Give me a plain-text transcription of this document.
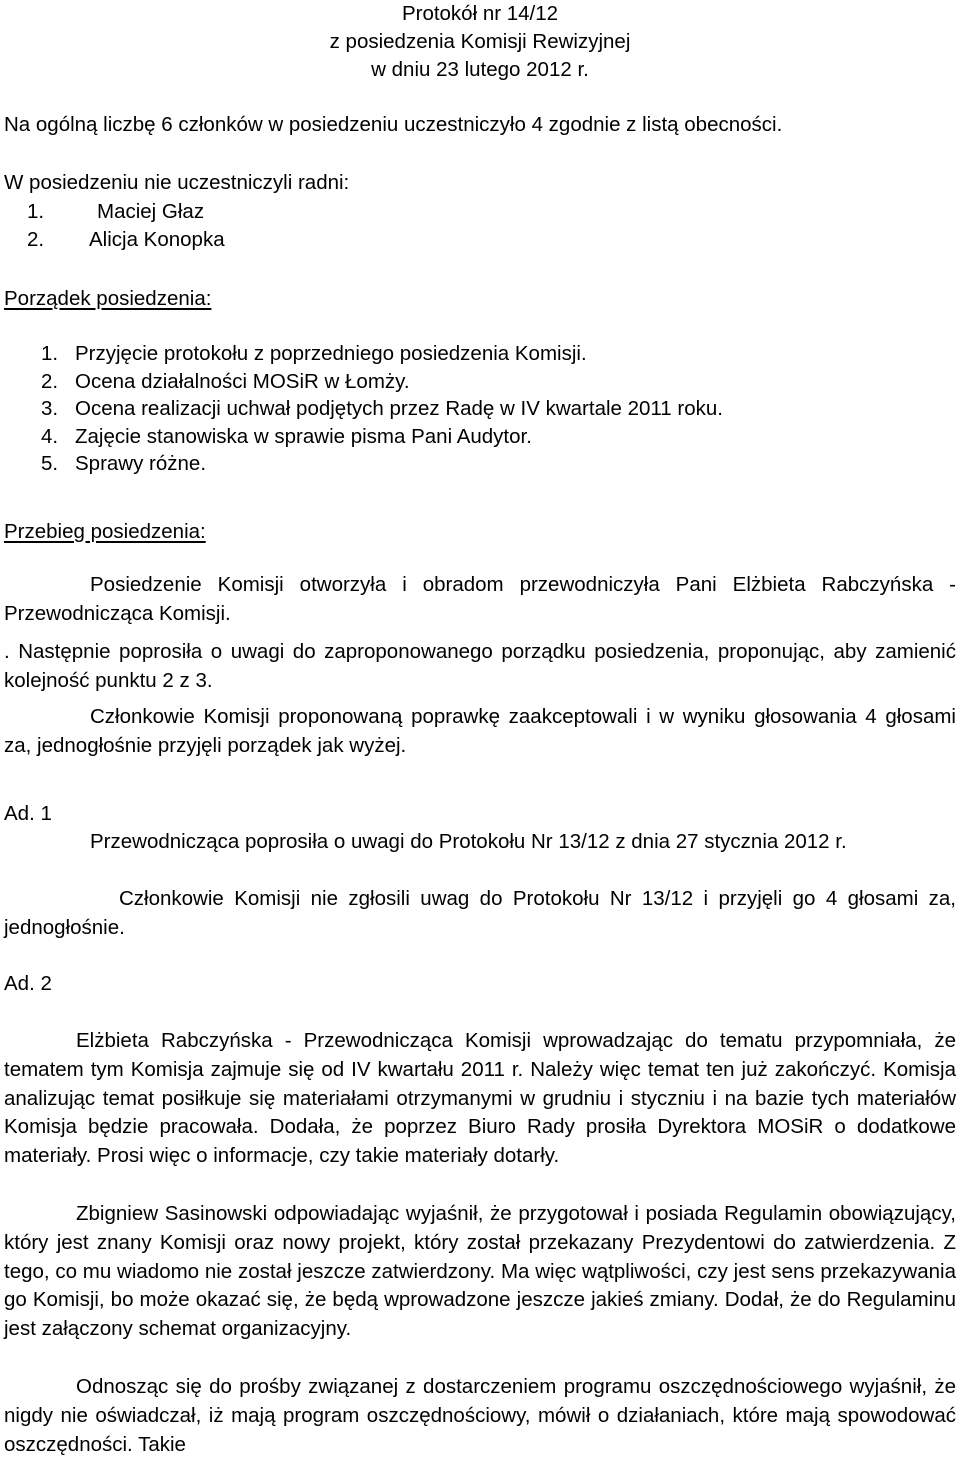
Protokół nr 14/12
z posiedzenia Komisji Rewizyjnej
w dniu 23 lutego 2012 r.
Na ogólną liczbę 6 członków w posiedzeniu uczestniczyło 4 zgodnie z listą obecności.
W posiedzeniu nie uczestniczyli radni:
1.	Maciej Głaz
2. Alicja Konopka
Porządek posiedzenia:
1. Przyjęcie protokołu z poprzedniego posiedzenia Komisji.
2. Ocena działalności MOSiR w Łomży.
3. Ocena realizacji uchwał podjętych przez Radę w IV kwartale 2011 roku.
4. Zajęcie stanowiska w sprawie pisma Pani Audytor.
5. Sprawy różne.
Przebieg posiedzenia:
Posiedzenie Komisji otworzyła i obradom przewodniczyła Pani Elżbieta Rabczyńska - Przewodnicząca Komisji.
. Następnie poprosiła o uwagi do zaproponowanego porządku posiedzenia, proponując, aby zamienić kolejność punktu 2 z 3.
Członkowie Komisji proponowaną poprawkę zaakceptowali i w wyniku głosowania 4 głosami za, jednogłośnie przyjęli porządek jak wyżej.
Ad. 1
Przewodnicząca poprosiła o uwagi do Protokołu Nr 13/12 z dnia 27 stycznia 2012 r.
Członkowie Komisji nie zgłosili uwag do Protokołu Nr 13/12 i przyjęli go 4 głosami za, jednogłośnie.
Ad. 2
Elżbieta Rabczyńska - Przewodnicząca Komisji wprowadzając do tematu przypomniała, że tematem tym Komisja zajmuje się od IV kwartału 2011 r. Należy więc temat ten już zakończyć. Komisja analizując temat posiłkuje się materiałami otrzymanymi w grudniu i styczniu i na bazie tych materiałów Komisja będzie pracowała. Dodała, że poprzez Biuro Rady prosiła Dyrektora MOSiR o dodatkowe materiały. Prosi więc o informacje, czy takie materiały dotarły.
Zbigniew Sasinowski odpowiadając wyjaśnił, że przygotował i posiada Regulamin obowiązujący, który jest znany Komisji oraz nowy projekt, który został przekazany Prezydentowi do zatwierdzenia. Z tego, co mu wiadomo nie został jeszcze zatwierdzony. Ma więc wątpliwości, czy jest sens przekazywania go Komisji, bo może okazać się, że będą wprowadzone jeszcze jakieś zmiany. Dodał, że do Regulaminu jest załączony schemat organizacyjny.
Odnosząc się do prośby związanej z dostarczeniem programu oszczędnościowego wyjaśnił, że nigdy nie oświadczał, iż mają program oszczędnościowy, mówił o działaniach, które mają spowodować oszczędności. Takie
